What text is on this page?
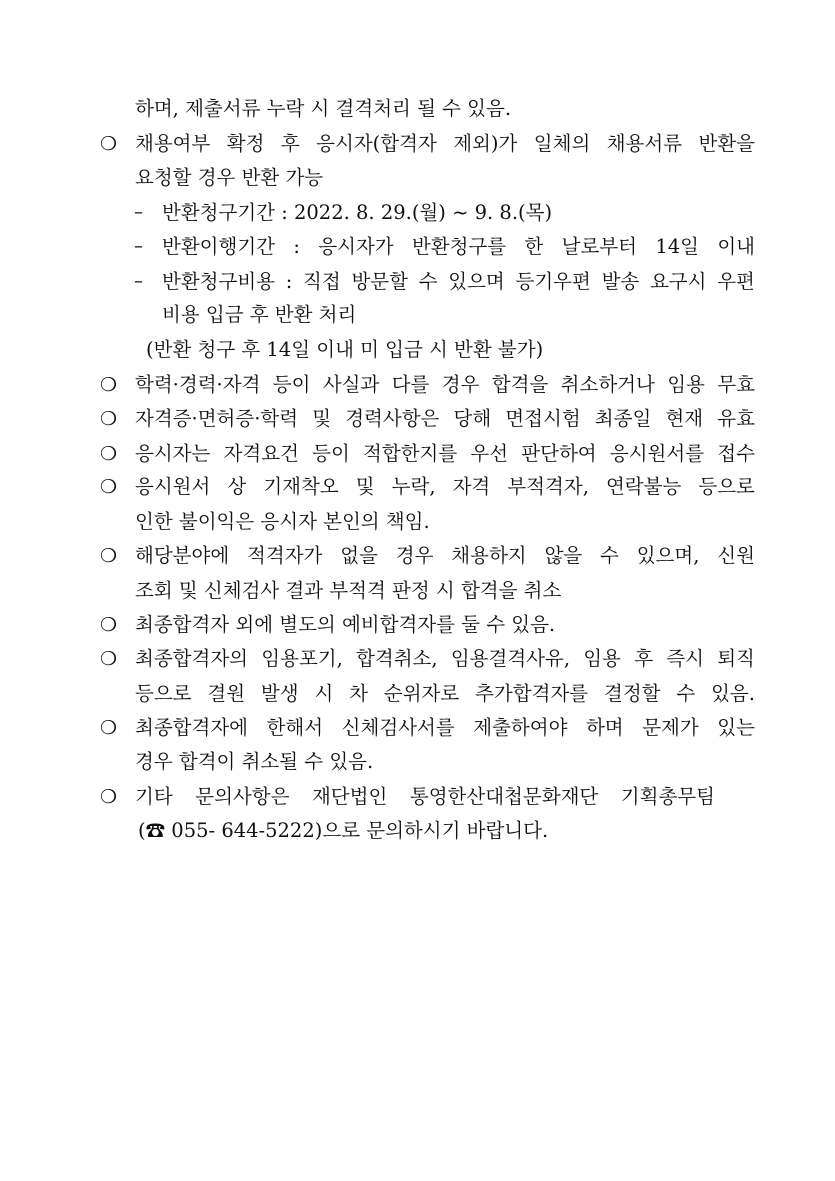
하며, 제출서류 누락 시 결격처리 될 수 있음.
❍ 채용여부 확정 후 응시자(합격자 제외)가 일체의 채용서류 반환을
요청할 경우 반환 가능
– 반환청구기간 : 2022. 8. 29.(월) ~ 9. 8.(목)
– 반환이행기간 : 응시자가 반환청구를 한 날로부터 14일 이내
– 반환청구비용 : 직접 방문할 수 있으며 등기우편 발송 요구시 우편
비용 입금 후 반환 처리
(반환 청구 후 14일 이내 미 입금 시 반환 불가)
❍ 학력·경력·자격 등이 사실과 다를 경우 합격을 취소하거나 임용 무효
❍ 자격증·면허증·학력 및 경력사항은 당해 면접시험 최종일 현재 유효
❍ 응시자는 자격요건 등이 적합한지를 우선 판단하여 응시원서를 접수
❍ 응시원서 상 기재착오 및 누락, 자격 부적격자, 연락불능 등으로
인한 불이익은 응시자 본인의 책임.
❍ 해당분야에 적격자가 없을 경우 채용하지 않을 수 있으며, 신원
조회 및 신체검사 결과 부적격 판정 시 합격을 취소
❍ 최종합격자 외에 별도의 예비합격자를 둘 수 있음.
❍ 최종합격자의 임용포기, 합격취소, 임용결격사유, 임용 후 즉시 퇴직
등으로 결원 발생 시 차 순위자로 추가합격자를 결정할 수 있음.
❍ 최종합격자에 한해서 신체검사서를 제출하여야 하며 문제가 있는
경우 합격이 취소될 수 있음.
❍ 기타 문의사항은 재단법인 통영한산대첩문화재단 기획총무팀
(☎ 055- 644-5222)으로 문의하시기 바랍니다.
